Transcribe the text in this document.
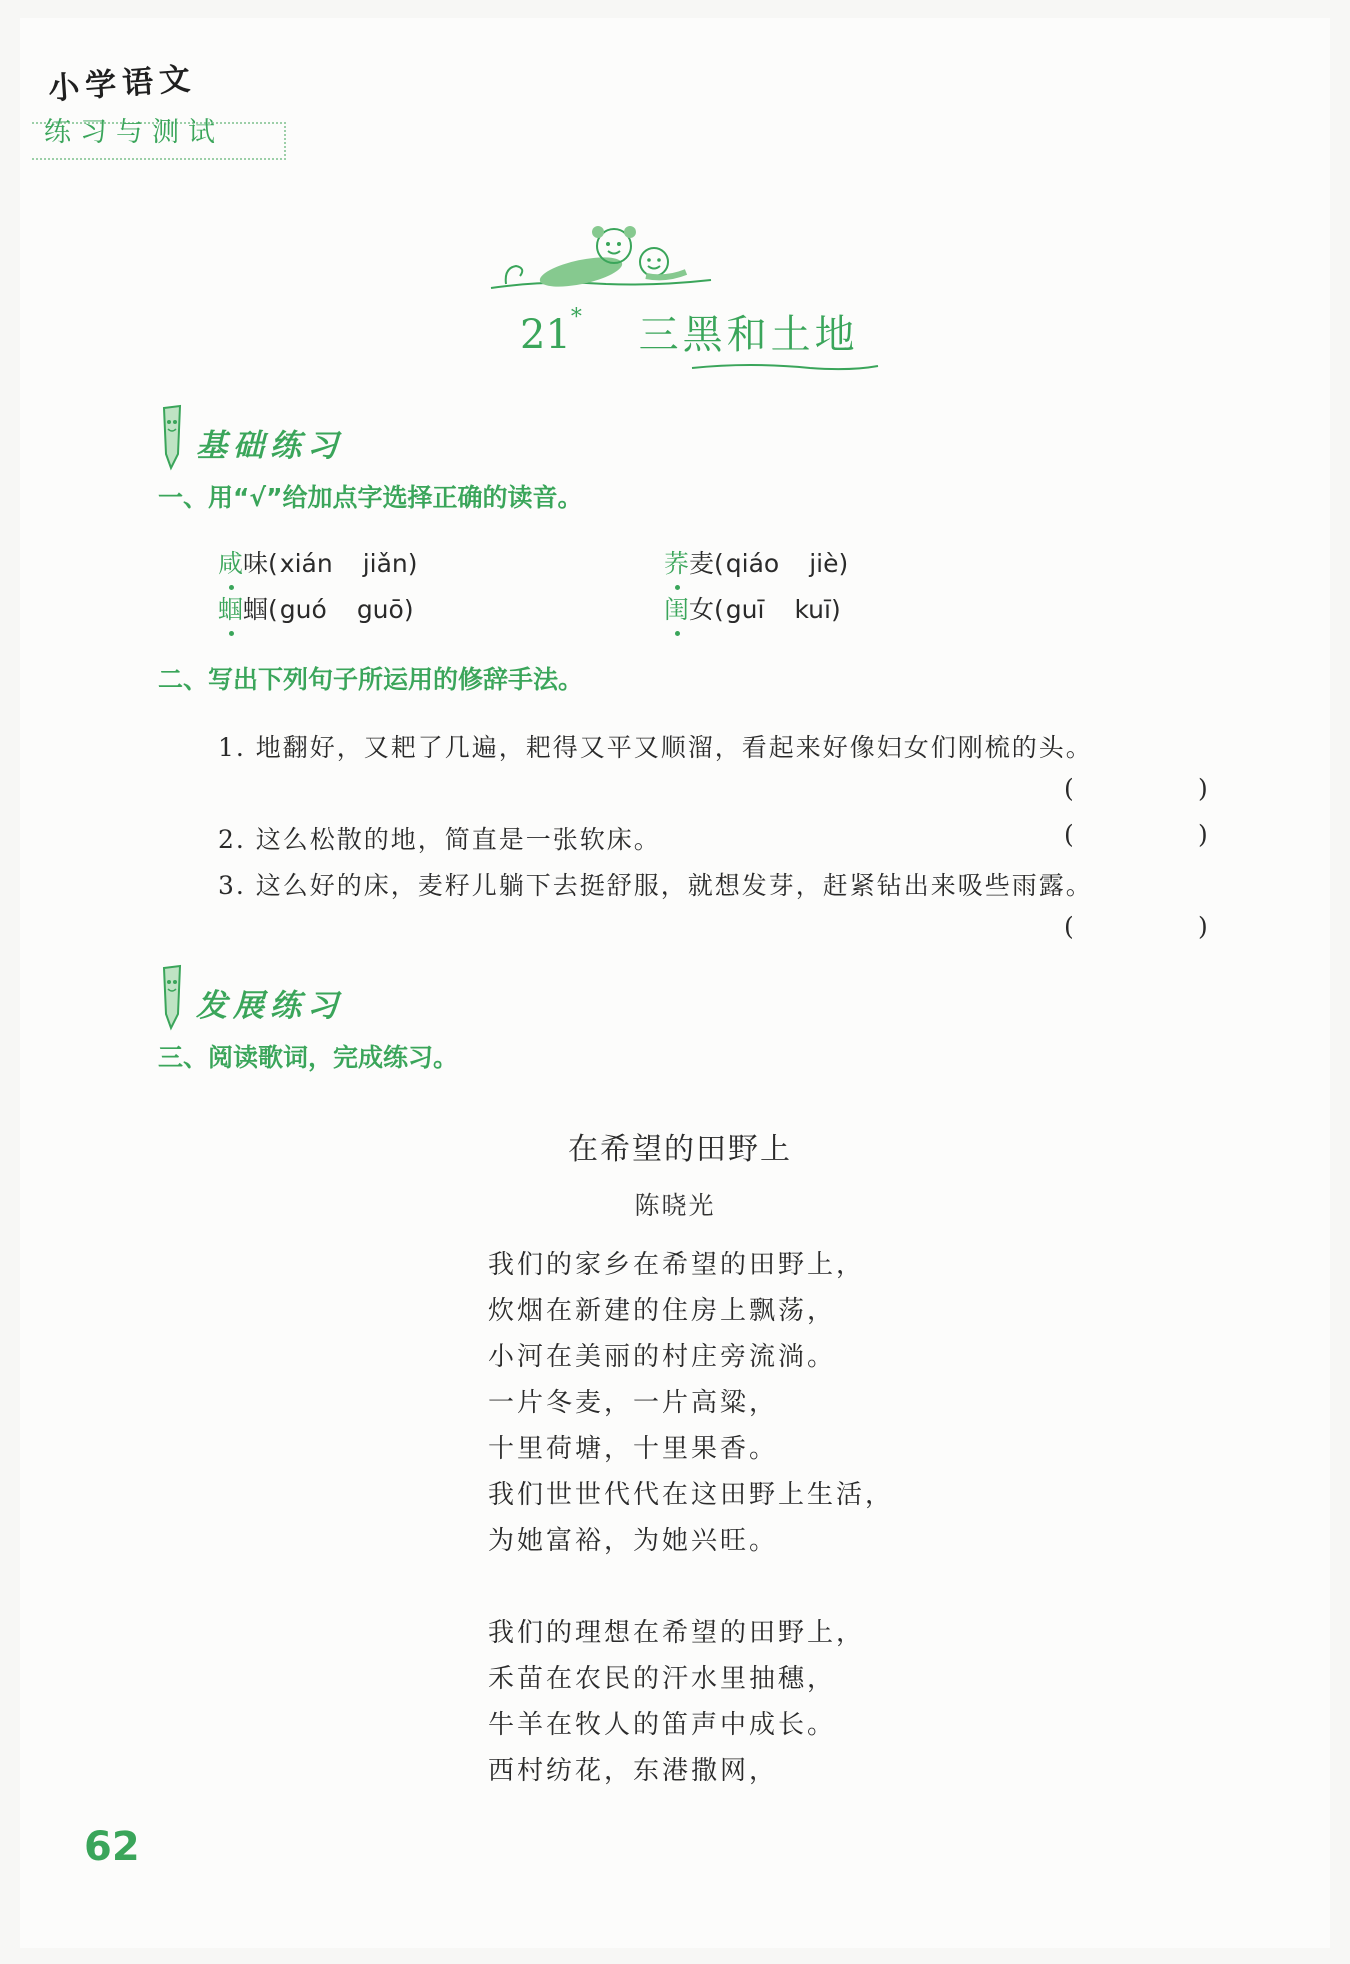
小学语文
练习与测试
21* 三黑和土地
基础练习
一、用“√”给加点字选择正确的读音。
咸味(xián jiǎn)	荞麦(qiáo jiè)
蝈蝈(guó guō)	闺女(guī kuī)
二、写出下列句子所运用的修辞手法。
1. 地翻好，又耙了几遍，耙得又平又顺溜，看起来好像妇女们刚梳的头。
(	)
2. 这么松散的地，简直是一张软床。	(	)
3. 这么好的床，麦籽儿躺下去挺舒服，就想发芽，赶紧钻出来吸些雨露。
(	)
发展练习
三、阅读歌词，完成练习。
在希望的田野上
陈晓光
我们的家乡在希望的田野上，
炊烟在新建的住房上飘荡，
小河在美丽的村庄旁流淌。
一片冬麦，一片高粱，
十里荷塘，十里果香。
我们世世代代在这田野上生活，
为她富裕，为她兴旺。
我们的理想在希望的田野上，
禾苗在农民的汗水里抽穗，
牛羊在牧人的笛声中成长。
西村纺花，东港撒网，
62
